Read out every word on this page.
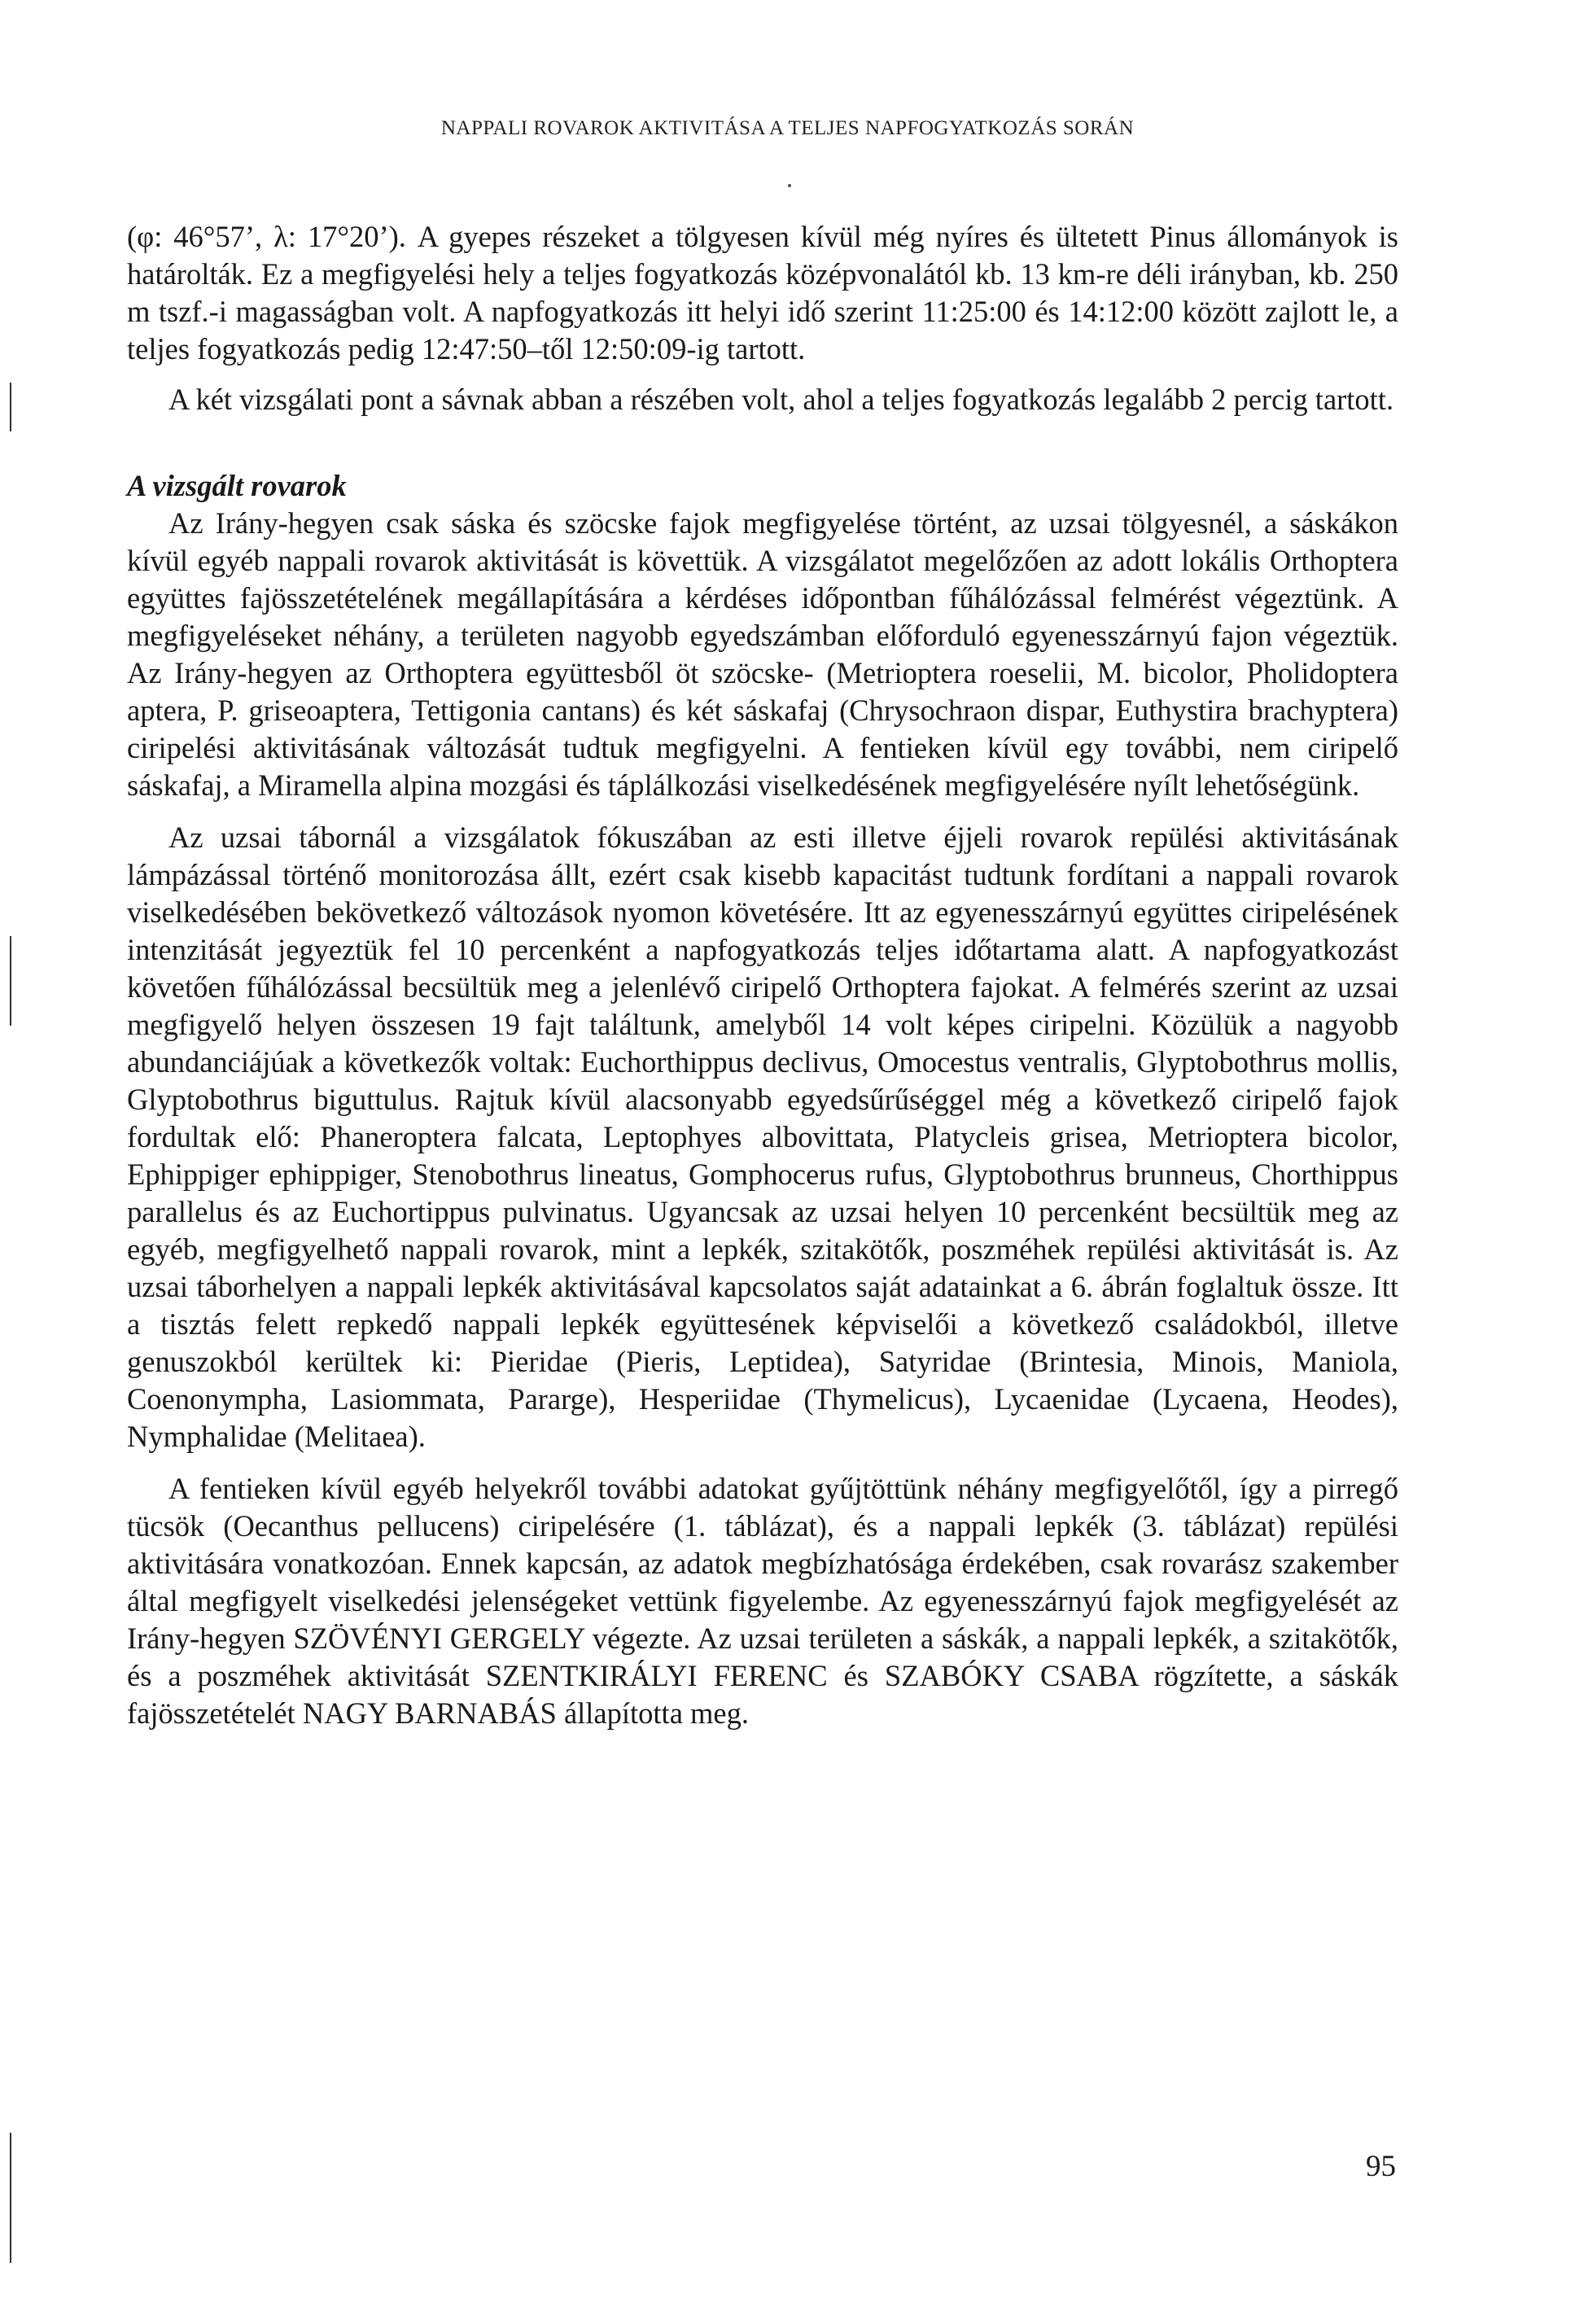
NAPPALI ROVAROK AKTIVITÁSA A TELJES NAPFOGYATKOZÁS SORÁN

(φ: 46°57’, λ: 17°20’). A gyepes részeket a tölgyesen kívül még nyíres és ültetett Pinus állományok is határolták. Ez a megfigyelési hely a teljes fogyatkozás középvonalától kb. 13 km-re déli irányban, kb. 250 m tszf.-i magasságban volt. A napfogyatkozás itt helyi idő szerint 11:25:00 és 14:12:00 között zajlott le, a teljes fogyatkozás pedig 12:47:50–től 12:50:09-ig tartott.

A két vizsgálati pont a sávnak abban a részében volt, ahol a teljes fogyatkozás legalább 2 percig tartott.

A vizsgált rovarok

Az Irány-hegyen csak sáska és szöcske fajok megfigyelése történt, az uzsai tölgyesnél, a sáskákon kívül egyéb nappali rovarok aktivitását is követtük. A vizsgálatot megelőzően az adott lokális Orthoptera együttes fajösszetételének megállapítására a kérdéses időpontban fűhálózással felmérést végeztünk. A megfigyeléseket néhány, a területen nagyobb egyedszámban előforduló egyenesszárnyú fajon végeztük. Az Irány-hegyen az Orthoptera együttesből öt szöcske- (Metrioptera roeselii, M. bicolor, Pholidoptera aptera, P. griseoaptera, Tettigonia cantans) és két sáskafaj (Chrysochraon dispar, Euthystira brachyptera) ciripelési aktivitásának változását tudtuk megfigyelni. A fentieken kívül egy további, nem ciripelő sáskafaj, a Miramella alpina mozgási és táplálkozási viselkedésének megfigyelésére nyílt lehetőségünk.

Az uzsai tábornál a vizsgálatok fókuszában az esti illetve éjjeli rovarok repülési aktivitásának lámpázással történő monitorozása állt, ezért csak kisebb kapacitást tudtunk fordítani a nappali rovarok viselkedésében bekövetkező változások nyomon követésére. Itt az egyenesszárnyú együttes ciripelésének intenzitását jegyeztük fel 10 percenként a napfogyatkozás teljes időtartama alatt. A napfogyatkozást követően fűhálózással becsültük meg a jelenlévő ciripelő Orthoptera fajokat. A felmérés szerint az uzsai megfigyelő helyen összesen 19 fajt találtunk, amelyből 14 volt képes ciripelni. Közülük a nagyobb abundanciájúak a következők voltak: Euchorthippus declivus, Omocestus ventralis, Glyptobothrus mollis, Glyptobothrus biguttulus. Rajtuk kívül alacsonyabb egyedsűrűséggel még a következő ciripelő fajok fordultak elő: Phaneroptera falcata, Leptophyes albovittata, Platycleis grisea, Metrioptera bicolor, Ephippiger ephippiger, Stenobothrus lineatus, Gomphocerus rufus, Glyptobothrus brunneus, Chorthippus parallelus és az Euchortippus pulvinatus. Ugyancsak az uzsai helyen 10 percenként becsültük meg az egyéb, megfigyelhető nappali rovarok, mint a lepkék, szitakötők, poszméhek repülési aktivitását is. Az uzsai táborhelyen a nappali lepkék aktivitásával kapcsolatos saját adatainkat a 6. ábrán foglaltuk össze. Itt a tisztás felett repkedő nappali lepkék együttesének képviselői a következő családokból, illetve genuszokból kerültek ki: Pieridae (Pieris, Leptidea), Satyridae (Brintesia, Minois, Maniola, Coenonympha, Lasiommata, Pararge), Hesperiidae (Thymelicus), Lycaenidae (Lycaena, Heodes), Nymphalidae (Melitaea).

A fentieken kívül egyéb helyekről további adatokat gyűjtöttünk néhány megfigyelőtől, így a pirregő tücsök (Oecanthus pellucens) ciripelésére (1. táblázat), és a nappali lepkék (3. táblázat) repülési aktivitására vonatkozóan. Ennek kapcsán, az adatok megbízhatósága érdekében, csak rovarász szakember által megfigyelt viselkedési jelenségeket vettünk figyelembe. Az egyenesszárnyú fajok megfigyelését az Irány-hegyen SZÖVÉNYI GERGELY végezte. Az uzsai területen a sáskák, a nappali lepkék, a szitakötők, és a poszméhek aktivitását SZENTKIRÁLYI FERENC és SZABÓKY CSABA rögzítette, a sáskák fajösszetételét NAGY BARNABÁS állapította meg.

95
